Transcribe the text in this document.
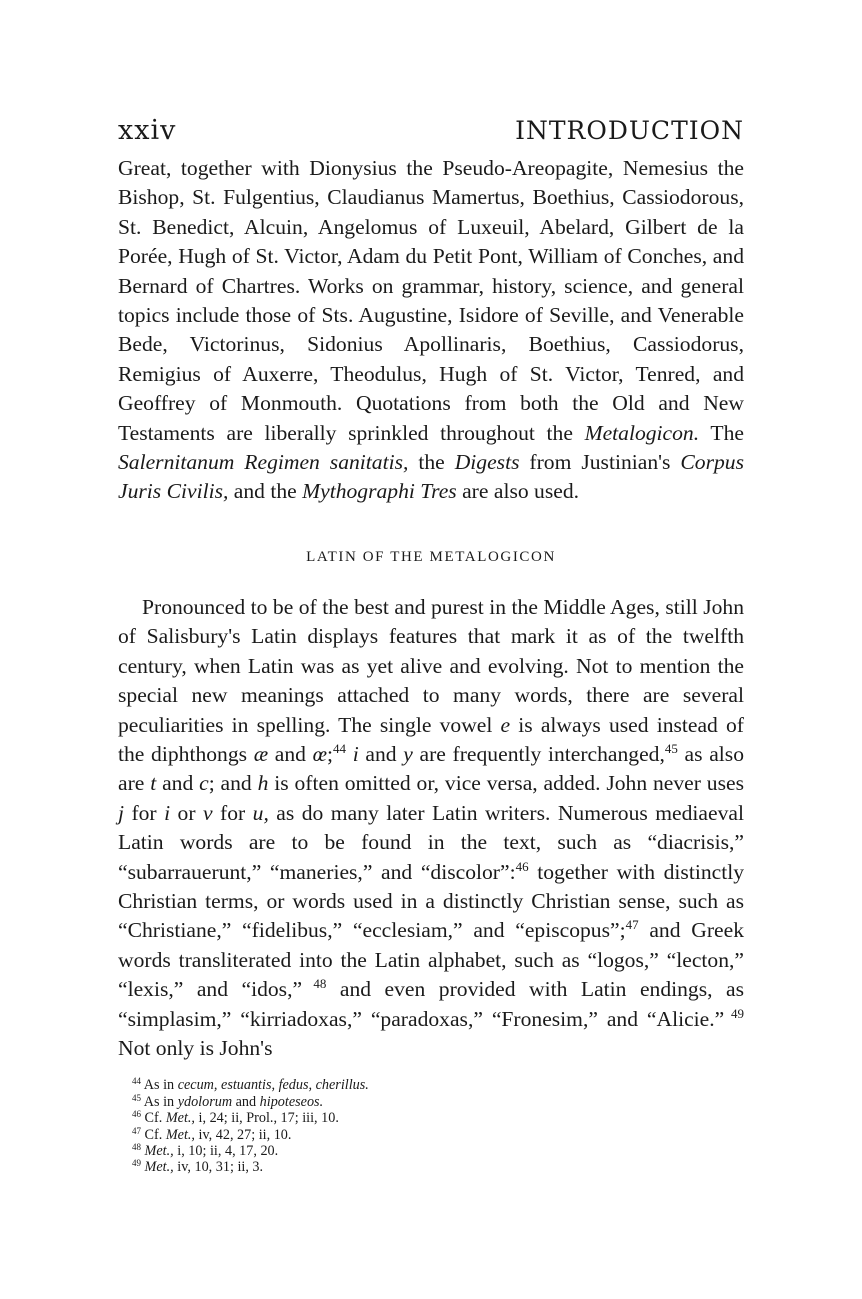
xxiv	INTRODUCTION

Great, together with Dionysius the Pseudo-Areopagite, Nemesius the Bishop, St. Fulgentius, Claudianus Mamertus, Boethius, Cassiodorous, St. Benedict, Alcuin, Angelomus of Luxeuil, Abelard, Gilbert de la Porée, Hugh of St. Victor, Adam du Petit Pont, William of Conches, and Bernard of Chartres. Works on grammar, history, science, and general topics include those of Sts. Augustine, Isidore of Seville, and Venerable Bede, Victorinus, Sidonius Apollinaris, Boethius, Cassiodorus, Remigius of Auxerre, Theodulus, Hugh of St. Victor, Tenred, and Geoffrey of Monmouth. Quotations from both the Old and New Testaments are liberally sprinkled throughout the Metalogicon. The Salernitanum Regimen sanitatis, the Digests from Justinian's Corpus Juris Civilis, and the Mythographi Tres are also used.

LATIN OF THE METALOGICON

Pronounced to be of the best and purest in the Middle Ages, still John of Salisbury's Latin displays features that mark it as of the twelfth century, when Latin was as yet alive and evolving. Not to mention the special new meanings attached to many words, there are several peculiarities in spelling. The single vowel e is always used instead of the diphthongs æ and œ;$^{44}$ i and y are frequently interchanged,$^{45}$ as also are t and c; and h is often omitted or, vice versa, added. John never uses j for i or v for u, as do many later Latin writers. Numerous mediaeval Latin words are to be found in the text, such as “diacrisis,” “subarrauerunt,” “maneries,” and “discolor”:$^{46}$ together with distinctly Christian terms, or words used in a distinctly Christian sense, such as “Christiane,” “fidelibus,” “ecclesiam,” and “episcopus”;$^{47}$ and Greek words transliterated into the Latin alphabet, such as “logos,” “lecton,” “lexis,” and “idos,” $^{48}$ and even provided with Latin endings, as “simplasim,” “kirriadoxas,” “paradoxas,” “Fronesim,” and “Alicie.” $^{49}$ Not only is John's

$^{44}$ As in cecum, estuantis, fedus, cherillus.

$^{45}$ As in ydolorum and hipoteseos.

$^{46}$ Cf. Met., i, 24; ii, Prol., 17; iii, 10.

$^{47}$ Cf. Met., iv, 42, 27; ii, 10.

$^{48}$ Met., i, 10; ii, 4, 17, 20.

$^{49}$ Met., iv, 10, 31; ii, 3.
